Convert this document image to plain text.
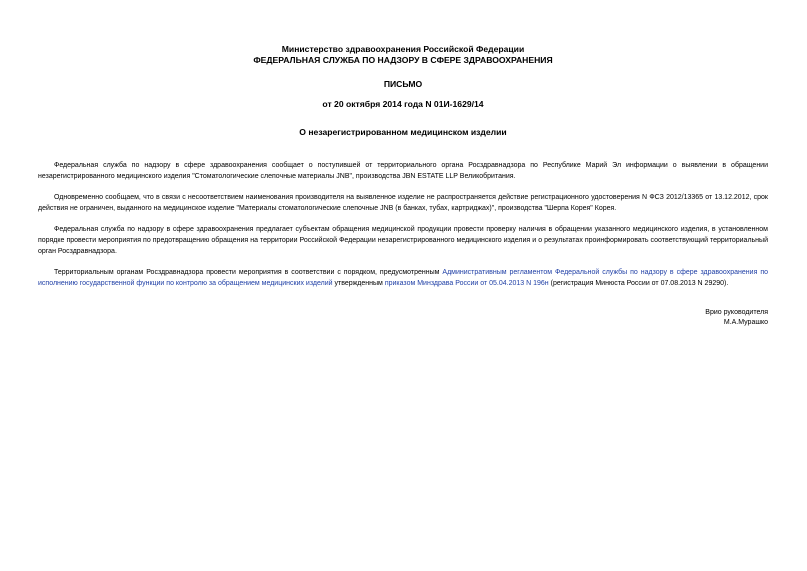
Министерство здравоохранения Российской Федерации
ФЕДЕРАЛЬНАЯ СЛУЖБА ПО НАДЗОРУ В СФЕРЕ ЗДРАВООХРАНЕНИЯ
ПИСЬМО
от 20 октября 2014 года N 01И-1629/14
О незарегистрированном медицинском изделии

Федеральная служба по надзору в сфере здравоохранения сообщает о поступившей от территориального органа Росздравнадзора по Республике Марий Эл информации о выявлении в обращении незарегистрированного медицинского изделия "Стоматологические слепочные материалы JNB", производства JBN ESTATE LLP Великобритания.

Одновременно сообщаем, что в связи с несоответствием наименования производителя на выявленное изделие не распространяется действие регистрационного удостоверения N ФСЗ 2012/13365 от 13.12.2012, срок действия не ограничен, выданного на медицинское изделие "Материалы стоматологические слепочные JNB (в банках, тубах, картриджах)", производства "Шерпа Корея" Корея.

Федеральная служба по надзору в сфере здравоохранения предлагает субъектам обращения медицинской продукции провести проверку наличия в обращении указанного медицинского изделия, в установленном порядке провести мероприятия по предотвращению обращения на территории Российской Федерации незарегистрированного медицинского изделия и о результатах проинформировать соответствующий территориальный орган Росздравнадзора.

Территориальным органам Росздравнадзора провести мероприятия в соответствии с порядком, предусмотренным Административным регламентом Федеральной службы по надзору в сфере здравоохранения по исполнению государственной функции по контролю за обращением медицинских изделий утвержденным приказом Минздрава России от 05.04.2013 N 196н (регистрация Минюста России от 07.08.2013 N 29290).

Врио руководителя
М.А.Мурашко
